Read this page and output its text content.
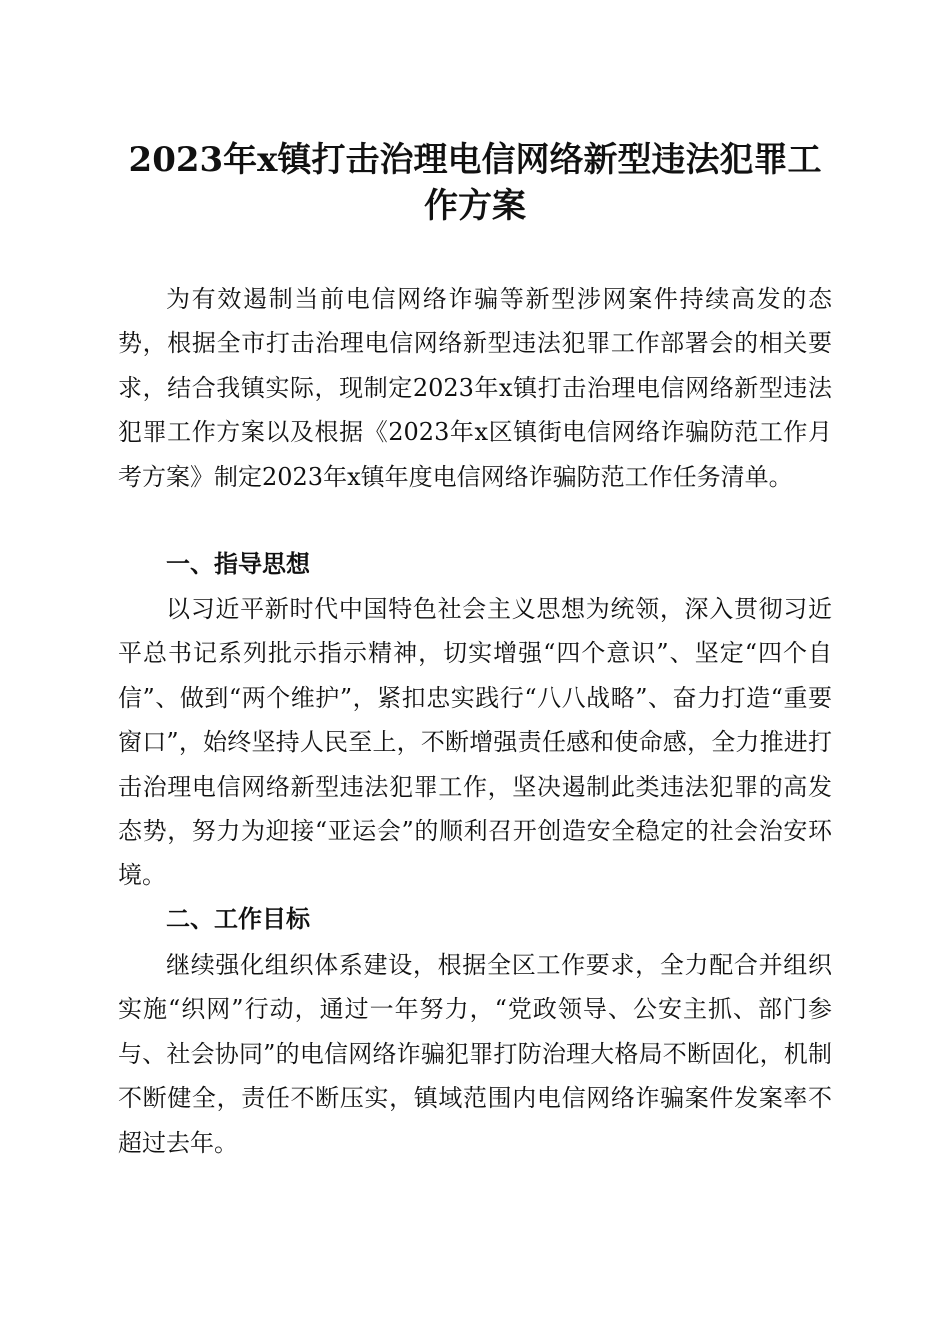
2023年x镇打击治理电信网络新型违法犯罪工
作方案

为有效遏制当前电信网络诈骗等新型涉网案件持续高发的态势，根据全市打击治理电信网络新型违法犯罪工作部署会的相关要求，结合我镇实际，现制定2023年x镇打击治理电信网络新型违法犯罪工作方案以及根据《2023年x区镇街电信网络诈骗防范工作月考方案》制定2023年x镇年度电信网络诈骗防范工作任务清单。

一、指导思想

以习近平新时代中国特色社会主义思想为统领，深入贯彻习近平总书记系列批示指示精神，切实增强“四个意识”、坚定“四个自信”、做到“两个维护”，紧扣忠实践行“八八战略”、奋力打造“重要窗口”，始终坚持人民至上，不断增强责任感和使命感，全力推进打击治理电信网络新型违法犯罪工作，坚决遏制此类违法犯罪的高发态势，努力为迎接“亚运会”的顺利召开创造安全稳定的社会治安环境。

二、工作目标

继续强化组织体系建设，根据全区工作要求，全力配合并组织实施“织网”行动，通过一年努力，“党政领导、公安主抓、部门参与、社会协同”的电信网络诈骗犯罪打防治理大格局不断固化，机制不断健全，责任不断压实，镇域范围内电信网络诈骗案件发案率不超过去年。
